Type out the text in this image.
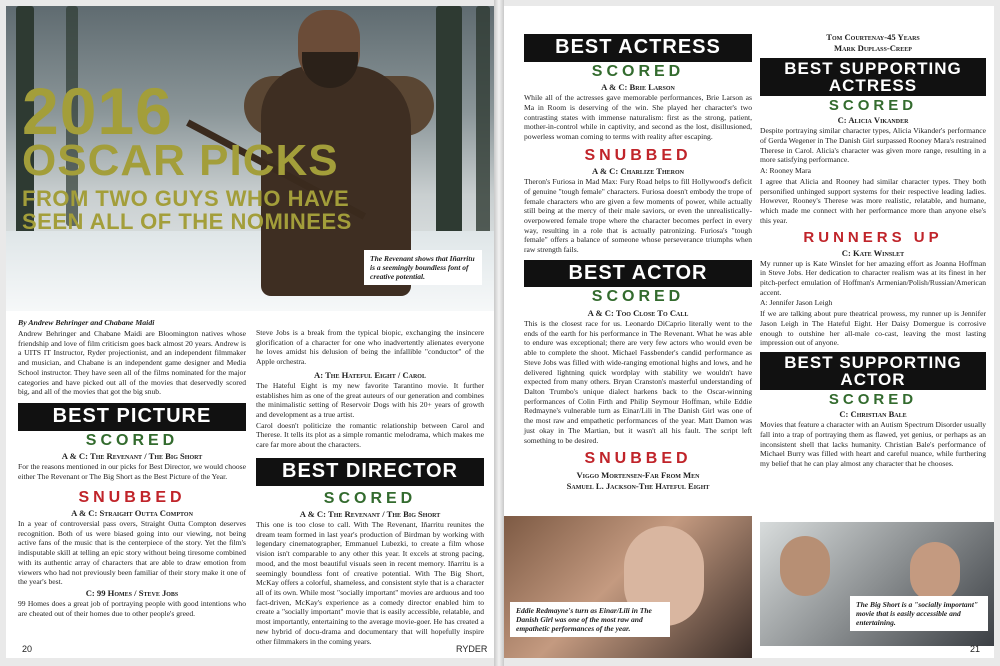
2016
OSCAR PICKS
FROM TWO GUYS WHO HAVE SEEN ALL OF THE NOMINEES
The Revenant shows that Iñarritu is a seemingly boundless font of creative potential.

By Andrew Behringer and Chabane Maidi

Andrew Behringer and Chabane Maidi are Bloomington natives whose friendship and love of film criticism goes back almost 20 years. Andrew is a UITS IT Instructor, Ryder projectionist, and an independent filmmaker and musician, and Chabane is an independent game designer and Media School instructor. They have seen all of the films nominated for the major categories and have picked out all of the movies that deservedly scored big, and all of the movies that got the big snub.

BEST PICTURE
SCORED
A & C: The Revenant / The Big Short

For the reasons mentioned in our picks for Best Director, we would choose either The Revenant or The Big Short as the Best Picture of the Year.

SNUBBED
A & C: Straight Outta Compton

In a year of controversial pass overs, Straight Outta Compton deserves recognition. Both of us were biased going into our viewing, not being active fans of the music that is the centerpiece of the story. Yet the film's indisputable skill at telling an epic story without being tiresome combined with its authentic array of characters that are able to draw emotion from viewers who had not previously been familiar of their story make it one of the year's best.

C: 99 Homes / Steve Jobs

99 Homes does a great job of portraying people with good intentions who are cheated out of their homes due to other people's greed.

Steve Jobs is a break from the typical biopic, exchanging the insincere glorification of a character for one who inadvertently alienates everyone he loves amidst his delusion of being the infallible "conductor" of the Apple orchestra.

A: The Hateful Eight / Carol

The Hateful Eight is my new favorite Tarantino movie. It further establishes him as one of the great auteurs of our generation and combines the minimalistic setting of Reservoir Dogs with his 20+ years of growth and development as a true artist.

Carol doesn't politicize the romantic relationship between Carol and Therese. It tells its plot as a simple romantic melodrama, which makes me care far more about the characters.

BEST DIRECTOR
SCORED
A & C: The Revenant / The Big Short

This one is too close to call. With The Revenant, Iñarritu reunites the dream team formed in last year's production of Birdman by working with legendary cinematographer, Emmanuel Lubezki, to create a film whose vision isn't comparable to any other this year. It excels at strong pacing, mood, and the most beautiful visuals seen in recent memory. Iñarritu is a seemingly boundless font of creative potential. With The Big Short, McKay offers a colorful, shameless, and consistent style that is a character all of its own. While most "socially important" movies are arduous and too fact-driven, McKay's experience as a comedy director enabled him to create a "socially important" movie that is easily accessible, relatable, and most importantly, entertaining to the average movie-goer. He has created a new hybrid of docu-drama and documentary that will hopefully inspire other filmmakers in the coming years.

20	RYDER
BEST ACTRESS
SCORED
A & C: Brie Larson

While all of the actresses gave memorable performances, Brie Larson as Ma in Room is deserving of the win. She played her character's two contrasting states with immense naturalism: first as the strong, patient, mother-in-control while in captivity, and second as the lost, disillusioned, powerless woman coming to terms with reality after escaping.

SNUBBED
A & C: Charlize Theron

Theron's Furiosa in Mad Max: Fury Road helps to fill Hollywood's deficit of genuine "tough female" characters. Furiosa doesn't embody the trope of female characters who are given a few moments of power, while actually still being at the mercy of their male saviors, or even the unrealistically-overpowered female trope where the character becomes perfect in every way, resulting in a role that is actually patronizing. Furiosa's "tough female" offers a balance of someone whose perseverance triumphs when raw strength fails.

BEST ACTOR
SCORED
A & C: Too Close To Call

This is the closest race for us. Leonardo DiCaprio literally went to the ends of the earth for his performance in The Revenant. What he was able to endure was exceptional; there are very few actors who would even be able to complete the shoot. Michael Fassbender's candid performance as Steve Jobs was filled with wide-ranging emotional highs and lows, and he delivered lightning quick wordplay with stability we wouldn't have expected from many others. Bryan Cranston's masterful understanding of Dalton Trumbo's unique dialect harkens back to the Oscar-winning performances of Colin Firth and Philip Seymour Hoffman, while Eddie Redmayne's vulnerable turn as Einar/Lili in The Danish Girl was one of the most raw and empathetic performances of the year. Matt Damon was just okay in The Martian, but it wasn't all his fault. The script left something to be desired.

SNUBBED
Viggo Mortensen-Far From Men
Samuel L. Jackson-The Hateful Eight
Tom Courtenay-45 Years
Mark Duplass-Creep
BEST SUPPORTING
ACTRESS
SCORED
C: Alicia Vikander

Despite portraying similar character types, Alicia Vikander's performance of Gerda Wegener in The Danish Girl surpassed Rooney Mara's restrained Therese in Carol. Alicia's character was given more range, resulting in a more satisfying performance.

A: Rooney Mara

I agree that Alicia and Rooney had similar character types. They both personified unhinged support systems for their respective leading ladies. However, Rooney's Therese was more realistic, relatable, and humane, which made me connect with her performance more than anyone else's this year.

RUNNERS UP
C: Kate Winslet

My runner up is Kate Winslet for her amazing effort as Joanna Hoffman in Steve Jobs. Her dedication to character realism was at its finest in her pitch-perfect emulation of Hoffman's Armenian/Polish/Russian/American accent.

A: Jennifer Jason Leigh

If we are talking about pure theatrical prowess, my runner up is Jennifer Jason Leigh in The Hateful Eight. Her Daisy Domergue is corrosive enough to outshine her all-male co-cast, leaving the most lasting impression out of anyone.

BEST SUPPORTING
ACTOR
SCORED
C: Christian Bale

Movies that feature a character with an Autism Spectrum Disorder usually fall into a trap of portraying them as flawed, yet genius, or perhaps as an inconsistent shell that lacks humanity. Christian Bale's performance of Michael Burry was filled with heart and careful nuance, while furthering my belief that he can play almost any character that he chooses.

Eddie Redmayne's turn as Einar/Lili in The Danish Girl was one of the most raw and empathetic performances of the year.
The Big Short is a "socially important" movie that is easily accessible and entertaining.
21
